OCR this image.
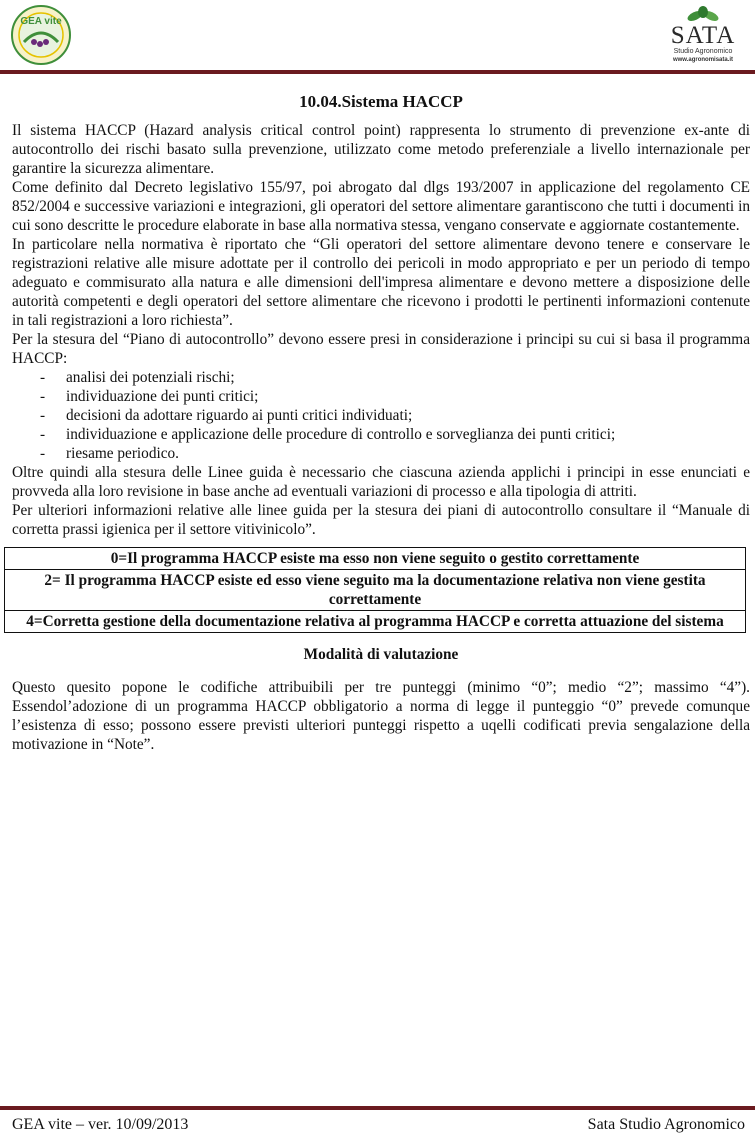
GEA vite
SATA
Studio Agronomico
www.agronomisata.it
10.04.Sistema HACCP

Il sistema HACCP (Hazard analysis critical control point) rappresenta lo strumento di prevenzione ex-ante di autocontrollo dei rischi basato sulla prevenzione, utilizzato come metodo preferenziale a livello internazionale per garantire la sicurezza alimentare.

Come definito dal Decreto legislativo 155/97, poi abrogato dal dlgs 193/2007 in applicazione del regolamento CE 852/2004 e successive variazioni e integrazioni, gli operatori del settore alimentare garantiscono che tutti i documenti in cui sono descritte le procedure elaborate in base alla normativa stessa, vengano conservate e aggiornate costantemente.

In particolare nella normativa è riportato che “Gli operatori del settore alimentare devono tenere e conservare le registrazioni relative alle misure adottate per il controllo dei pericoli in modo appropriato e per un periodo di tempo adeguato e commisurato alla natura e alle dimensioni dell'impresa alimentare e devono mettere a disposizione delle autorità competenti e degli operatori del settore alimentare che ricevono i prodotti le pertinenti informazioni contenute in tali registrazioni a loro richiesta”.

Per la stesura del “Piano di autocontrollo” devono essere presi in considerazione i principi su cui si basa il programma HACCP:

- analisi dei potenziali rischi;
- individuazione dei punti critici;
- decisioni da adottare riguardo ai punti critici individuati;
- individuazione e applicazione delle procedure di controllo e sorveglianza dei punti critici;
- riesame periodico.

Oltre quindi alla stesura delle Linee guida è necessario che ciascuna azienda applichi i principi in esse enunciati e provveda alla loro revisione in base anche ad eventuali variazioni di processo e alla tipologia di attriti.

Per ulteriori informazioni relative alle linee guida per la stesura dei piani di autocontrollo consultare il “Manuale di corretta prassi igienica per il settore vitivinicolo”.

0=Il programma HACCP esiste ma esso non viene seguito o gestito correttamente
2= Il programma HACCP esiste ed esso viene seguito ma la documentazione relativa non viene gestita correttamente
4=Corretta gestione della documentazione relativa al programma HACCP e corretta attuazione del sistema
Modalità di valutazione

Questo quesito popone le codifiche attribuibili per tre punteggi (minimo “0”; medio “2”; massimo “4”). Essendol’adozione di un programma HACCP obbligatorio a norma di legge il punteggio “0” prevede comunque l’esistenza di esso; possono essere previsti ulteriori punteggi rispetto a uqelli codificati previa sengalazione della motivazione in “Note”.

GEA vite – ver. 10/09/2013	Sata Studio Agronomico
